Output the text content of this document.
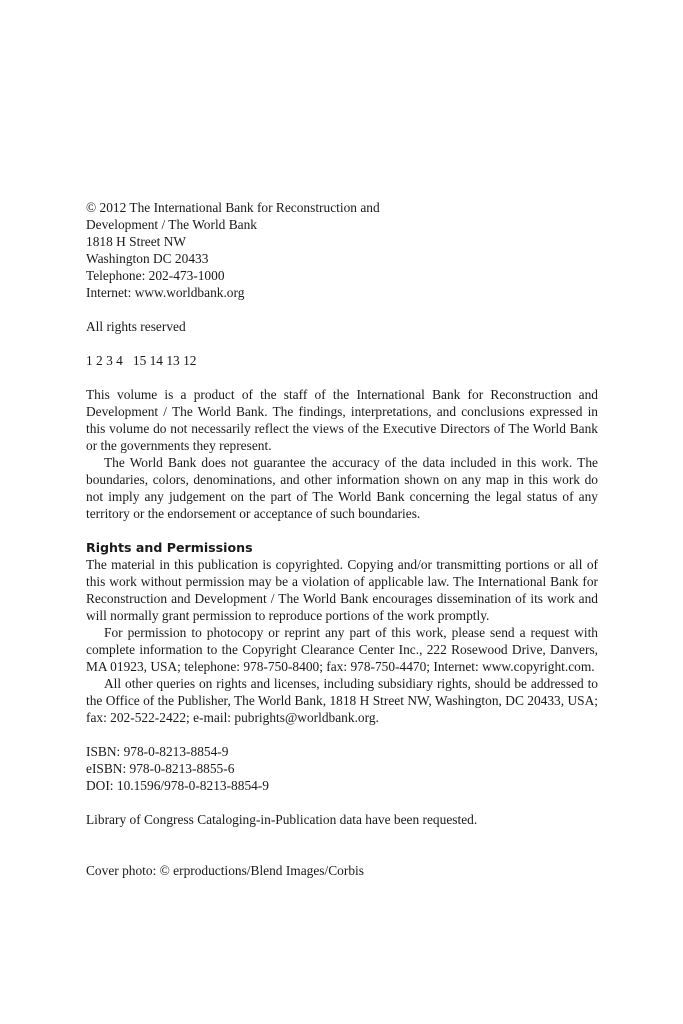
© 2012 The International Bank for Reconstruction and
Development / The World Bank
1818 H Street NW
Washington DC 20433
Telephone: 202-473-1000
Internet: www.worldbank.org
All rights reserved
1 2 3 4   15 14 13 12

This volume is a product of the staff of the International Bank for Reconstruction and Development / The World Bank. The findings, interpretations, and conclusions expressed in this volume do not necessarily reflect the views of the Executive Directors of The World Bank or the governments they represent.

The World Bank does not guarantee the accuracy of the data included in this work. The boundaries, colors, denominations, and other information shown on any map in this work do not imply any judgement on the part of The World Bank concerning the legal status of any territory or the endorsement or acceptance of such boundaries.

Rights and Permissions

The material in this publication is copyrighted. Copying and/or transmitting portions or all of this work without permission may be a violation of applicable law. The International Bank for Reconstruction and Development / The World Bank encourages dissemination of its work and will normally grant permission to reproduce portions of the work promptly.

For permission to photocopy or reprint any part of this work, please send a request with complete information to the Copyright Clearance Center Inc., 222 Rosewood Drive, Danvers, MA 01923, USA; telephone: 978-750-8400; fax: 978-750-4470; Internet: www.copyright.com.

All other queries on rights and licenses, including subsidiary rights, should be addressed to the Office of the Publisher, The World Bank, 1818 H Street NW, Washington, DC 20433, USA; fax: 202-522-2422; e-mail: pubrights@worldbank.org.

ISBN: 978-0-8213-8854-9
eISBN: 978-0-8213-8855-6
DOI: 10.1596/978-0-8213-8854-9
Library of Congress Cataloging-in-Publication data have been requested.
Cover photo: © erproductions/Blend Images/Corbis
